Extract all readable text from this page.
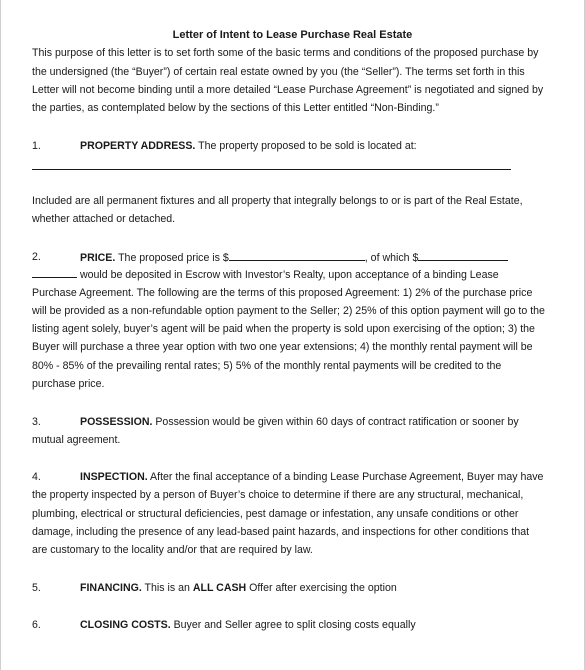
Letter of Intent to Lease Purchase Real Estate
This purpose of this letter is to set forth some of the basic terms and conditions of the proposed purchase by
the undersigned (the “Buyer”) of certain real estate owned by you (the “Seller”). The terms set forth in this
Letter will not become binding until a more detailed “Lease Purchase Agreement” is negotiated and signed by
the parties, as contemplated below by the sections of this Letter entitled “Non-Binding.”
1.	PROPERTY ADDRESS. The property proposed to be sold is located at:
Included are all permanent fixtures and all property that integrally belongs to or is part of the Real Estate,
whether attached or detached.
2.	PRICE. The proposed price is $	, of which $
would be deposited in Escrow with Investor’s Realty, upon acceptance of a binding Lease
Purchase Agreement. The following are the terms of this proposed Agreement: 1) 2% of the purchase price
will be provided as a non-refundable option payment to the Seller; 2) 25% of this option payment will go to the
listing agent solely, buyer’s agent will be paid when the property is sold upon exercising of the option; 3) the
Buyer will purchase a three year option with two one year extensions; 4) the monthly rental payment will be
80% - 85% of the prevailing rental rates; 5) 5% of the monthly rental payments will be credited to the
purchase price.
3.	POSSESSION. Possession would be given within 60 days of contract ratification or sooner by
mutual agreement.
4.	INSPECTION. After the final acceptance of a binding Lease Purchase Agreement, Buyer may have
the property inspected by a person of Buyer’s choice to determine if there are any structural, mechanical,
plumbing, electrical or structural deficiencies, pest damage or infestation, any unsafe conditions or other
damage, including the presence of any lead-based paint hazards, and inspections for other conditions that
are customary to the locality and/or that are required by law.
5.	FINANCING. This is an ALL CASH Offer after exercising the option
6.	CLOSING COSTS. Buyer and Seller agree to split closing costs equally
